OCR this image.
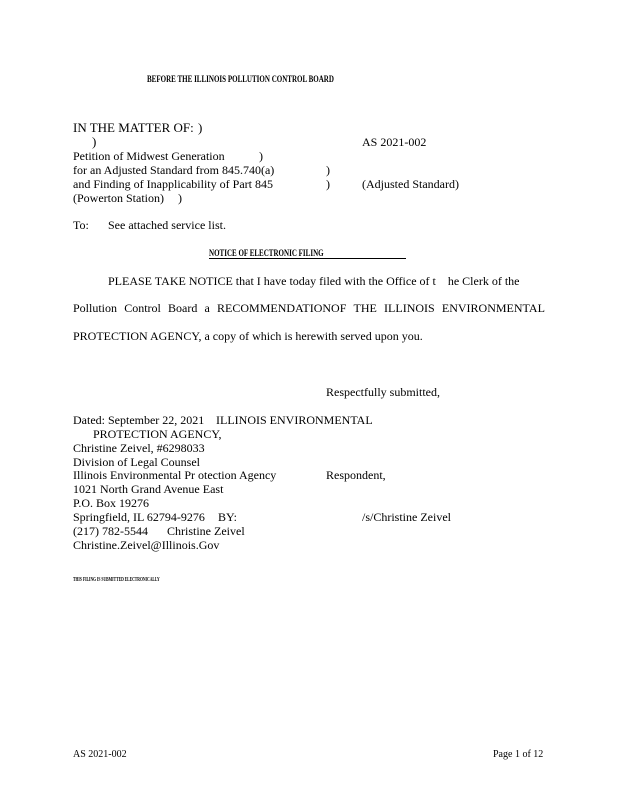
BEFORE THE ILLINOIS POLLUTION CONTROL BOARD
IN THE MATTER OF: )
)	AS 2021-002
Petition of Midwest Generation	)
for an Adjusted Standard from 845.740(a)	)
and Finding of Inapplicability of Part 845	)	(Adjusted Standard)
(Powerton Station) )
To: See attached service list.
NOTICE OF ELECTRONIC FILING
PLEASE TAKE NOTICE that I have today filed with the Office of t    he Clerk of the
Pollution Control Board a RECOMMENDATIONOF THE ILLINOIS ENVIRONMENTAL
PROTECTION AGENCY, a copy of which is herewith served upon you.
Respectfully submitted,
Dated: September 22, 2021 ILLINOIS ENVIRONMENTAL
PROTECTION AGENCY,
Christine Zeivel, #6298033
Division of Legal Counsel
Illinois Environmental Pr otection Agency	Respondent,
1021 North Grand Avenue East
P.O. Box 19276
Springfield, IL 62794-9276 BY:	/s/Christine Zeivel
(217) 782-5544 Christine Zeivel
Christine.Zeivel@Illinois.Gov
THIS FILING IS SUBMITTED ELECTRONICALLY
AS 2021-002	Page 1 of 12
